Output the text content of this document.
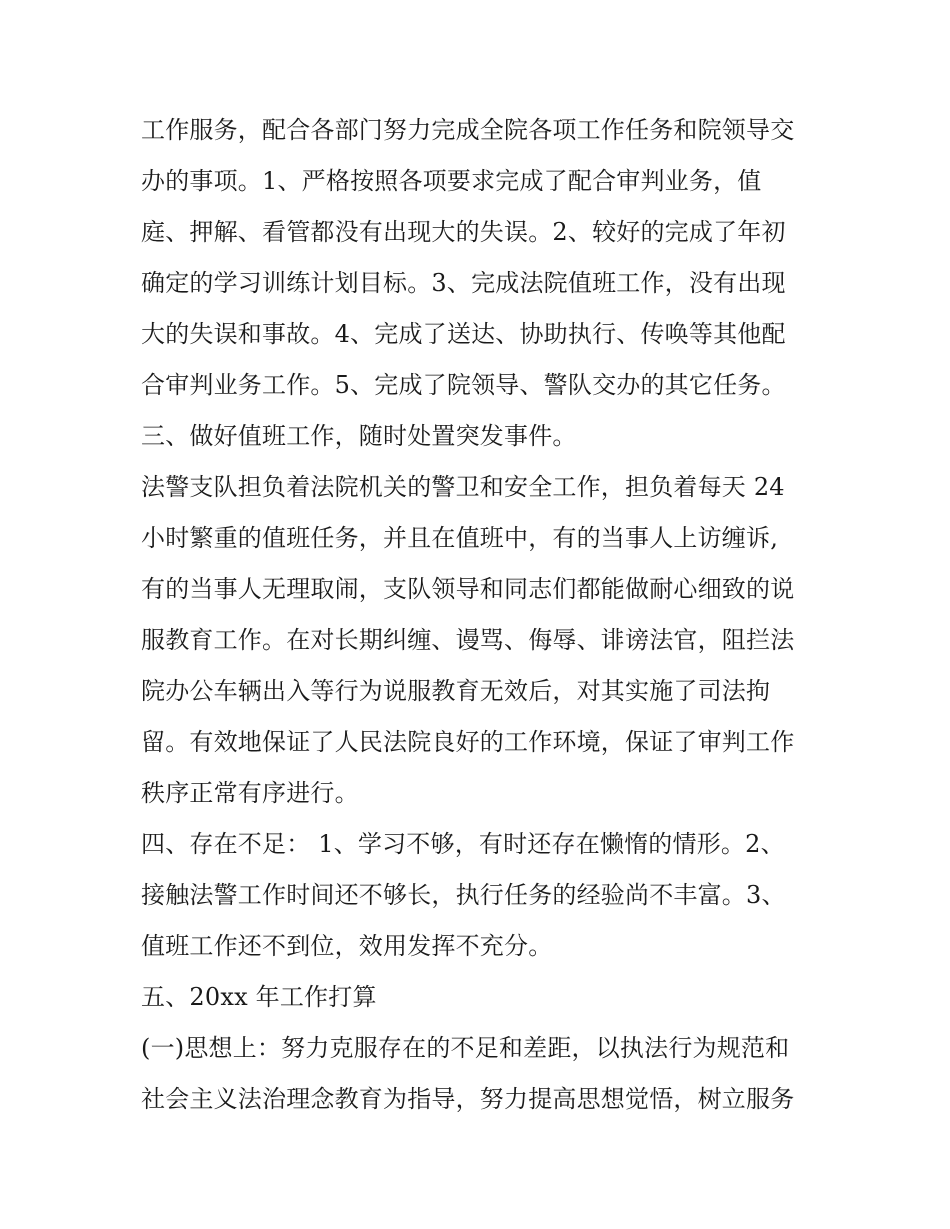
工作服务，配合各部门努力完成全院各项工作任务和院领导交
办的事项。1、严格按照各项要求完成了配合审判业务，值
庭、押解、看管都没有出现大的失误。2、较好的完成了年初
确定的学习训练计划目标。3、完成法院值班工作，没有出现
大的失误和事故。4、完成了送达、协助执行、传唤等其他配
合审判业务工作。5、完成了院领导、警队交办的其它任务。
三、做好值班工作，随时处置突发事件。
法警支队担负着法院机关的警卫和安全工作，担负着每天 24
小时繁重的值班任务，并且在值班中，有的当事人上访缠诉,
有的当事人无理取闹，支队领导和同志们都能做耐心细致的说
服教育工作。在对长期纠缠、谩骂、侮辱、诽谤法官，阻拦法
院办公车辆出入等行为说服教育无效后，对其实施了司法拘
留。有效地保证了人民法院良好的工作环境，保证了审判工作
秩序正常有序进行。
四、存在不足： 1、学习不够，有时还存在懒惰的情形。2、
接触法警工作时间还不够长，执行任务的经验尚不丰富。3、
值班工作还不到位，效用发挥不充分。
五、20xx 年工作打算
(一)思想上：努力克服存在的不足和差距，以执法行为规范和
社会主义法治理念教育为指导，努力提高思想觉悟，树立服务
